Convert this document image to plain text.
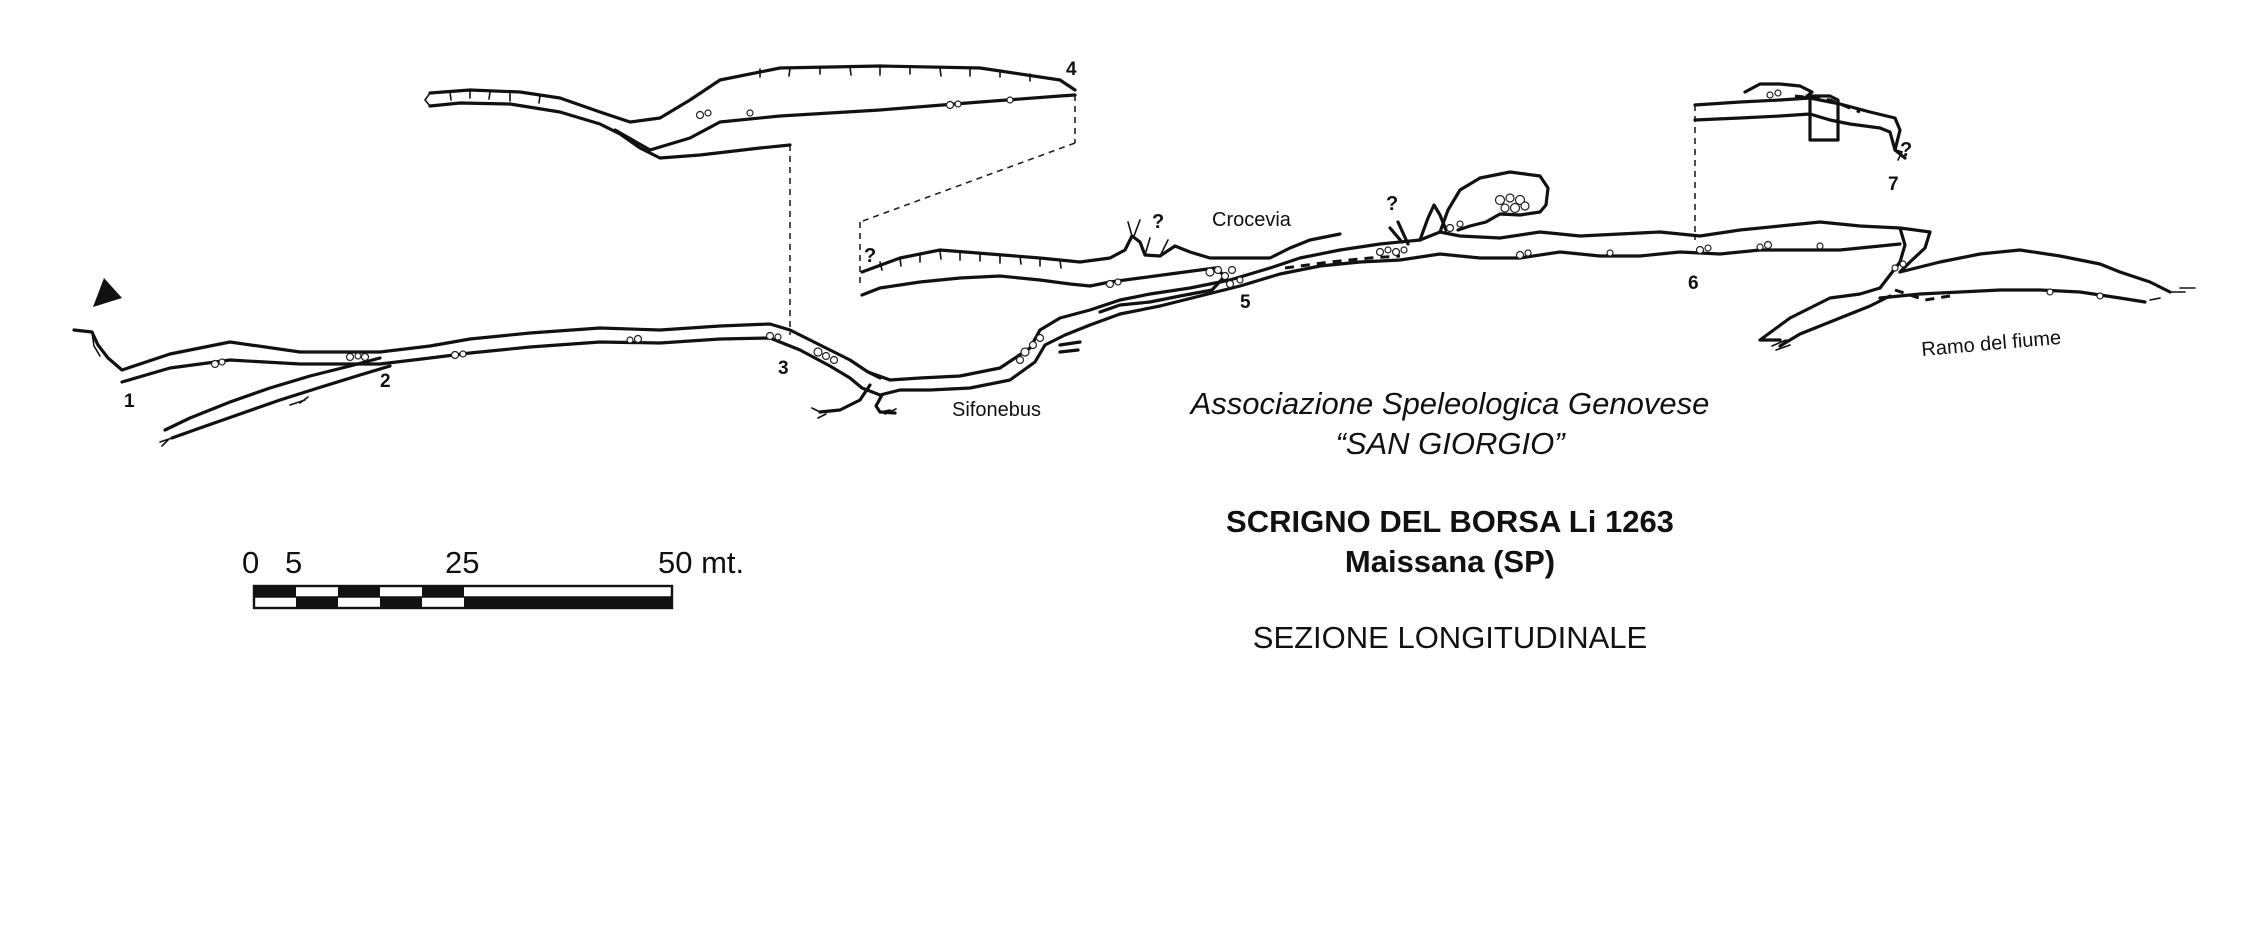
1
2
3
4
5
6
7
Sifonebus
Crocevia
Ramo del fiume
?
?
?
?
0 5	25	50 mt.
Associazione Speleologica Genovese
“SAN GIORGIO”
SCRIGNO DEL BORSA Li 1263
Maissana (SP)
SEZIONE LONGITUDINALE
